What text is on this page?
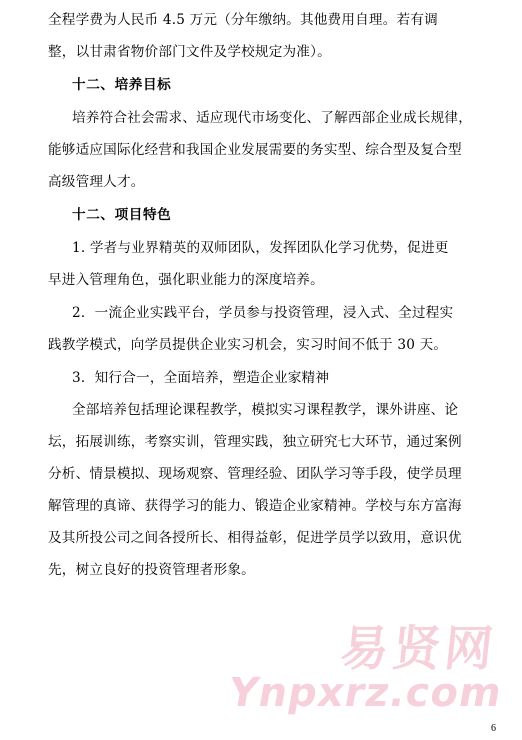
全程学费为人民币 4.5 万元（分年缴纳。其他费用自理。若有调
整，以甘肃省物价部门文件及学校规定为准）。
十二、培养目标
培养符合社会需求、适应现代市场变化、了解西部企业成长规律，
能够适应国际化经营和我国企业发展需要的务实型、综合型及复合型
高级管理人才。
十二、项目特色
1. 学者与业界精英的双师团队，发挥团队化学习优势，促进更
早进入管理角色，强化职业能力的深度培养。
2．一流企业实践平台，学员参与投资管理，浸入式、全过程实
践教学模式，向学员提供企业实习机会，实习时间不低于 30 天。
3．知行合一，全面培养，塑造企业家精神
全部培养包括理论课程教学，模拟实习课程教学，课外讲座、论
坛，拓展训练，考察实训，管理实践，独立研究七大环节，通过案例
分析、情景模拟、现场观察、管理经验、团队学习等手段，使学员理
解管理的真谛、获得学习的能力、锻造企业家精神。学校与东方富海
及其所投公司之间各授所长、相得益彰，促进学员学以致用，意识优
先，树立良好的投资管理者形象。
易贤网
Ynpxrz.com
6
